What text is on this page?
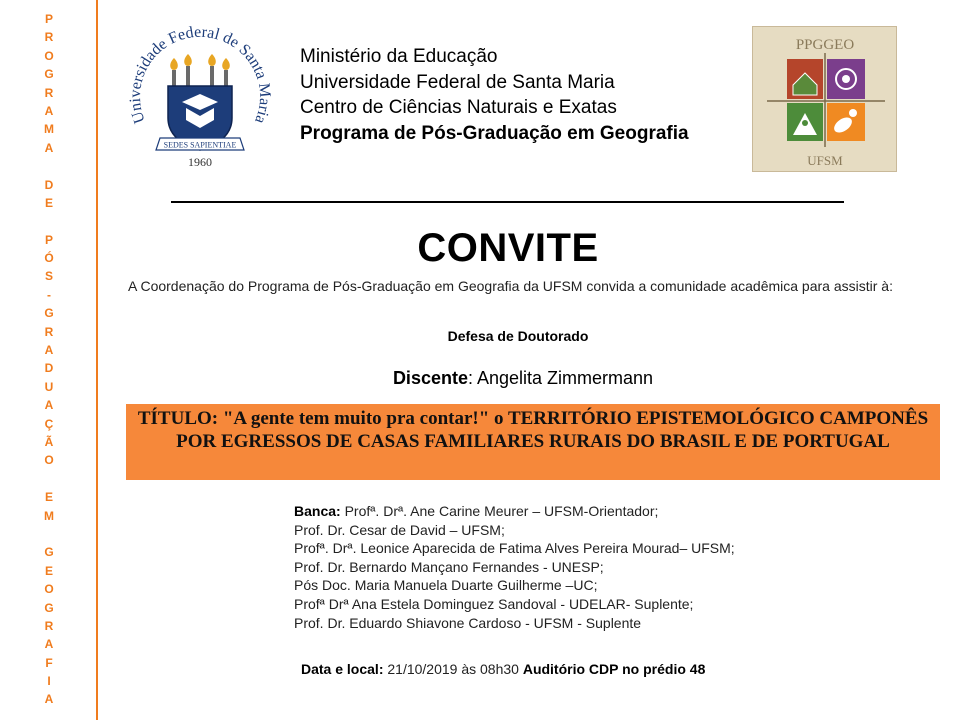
P
R
O
G
R
A
M
A
D
E
P
Ó
S
-
G
R
A
D
U
A
Ç
Ã
O
E
M
G
E
O
G
R
A
F
I
A
Universidade Federal de Santa Maria
SEDES SAPIENTIAE
1960
Ministério da Educação
Universidade Federal de Santa Maria
Centro de Ciências Naturais e Exatas
Programa de Pós-Graduação em Geografia
PPGGEO
UFSM
CONVITE
A Coordenação do Programa de Pós-Graduação em Geografia da UFSM convida a comunidade acadêmica para assistir à:
Defesa de Doutorado
Discente: Angelita Zimmermann

TÍTULO: "A gente tem muito pra contar!" o TERRITÓRIO EPISTEMOLÓGICO CAMPONÊS POR EGRESSOS DE CASAS FAMILIARES RURAIS DO BRASIL E DE PORTUGAL

Banca: Profª. Drª. Ane Carine Meurer – UFSM-Orientador;
Prof. Dr. Cesar de David – UFSM;
Profª. Drª. Leonice Aparecida de Fatima Alves Pereira Mourad– UFSM;
Prof. Dr. Bernardo Mançano Fernandes - UNESP;
Pós Doc. Maria Manuela Duarte Guilherme –UC;
Profª Drª Ana Estela Dominguez Sandoval - UDELAR- Suplente;
Prof. Dr. Eduardo Shiavone Cardoso - UFSM - Suplente
Data e local: 21/10/2019 às 08h30 Auditório CDP no prédio 48
